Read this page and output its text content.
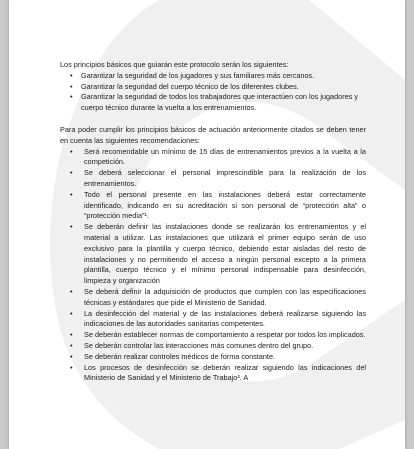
Los principios básicos que guiarán este protocolo serán los siguientes:

• Garantizar la seguridad de los jugadores y sus familiares más cercanos.
• Garantizar la seguridad del cuerpo técnico de los diferentes clubes.
• Garantizar la seguridad de todos los trabajadores que interactúen con los jugadores y cuerpo técnico durante la vuelta a los entrenamientos.

Para poder cumplir los principios básicos de actuación anteriormente citados se deben tener en cuenta las siguientes recomendaciones:

• Será recomendable un mínimo de 15 días de entrenamientos previos a la vuelta a la competición.
• Se deberá seleccionar el personal imprescindible para la realización de los entrenamientos.
• Todo el personal presente en las instalaciones deberá estar correctamente identificado, indicando en su acreditación si son personal de “protección alta” o “protección media”¹.
• Se deberán definir las instalaciones donde se realizarán los entrenamientos y el material a utilizar. Las instalaciones que utilizará el primer equipo serán de uso exclusivo para la plantilla y cuerpo técnico, debiendo estar aisladas del resto de instalaciones y no permitiendo el acceso a ningún personal excepto a la primera plantilla, cuerpo técnico y el mínimo personal indispensable para desinfección, limpieza y organización
• Se deberá definir la adquisición de productos que cumplen con las especificaciones técnicas y estándares que pide el Ministerio de Sanidad.
• La desinfección del material y de las instalaciones deberá realizarse siguiendo las indicaciones de las autoridades sanitarias competentes.
• Se deberán establecer normas de comportamiento a respetar por todos los implicados.
• Se deberán controlar las interacciones más comunes dentro del grupo.
• Se deberán realizar controles médicos de forma constante.
• Los procesos de desinfección se deberán realizar siguiendo las indicaciones del Ministerio de Sanidad y el Ministerio de Trabajo². A
